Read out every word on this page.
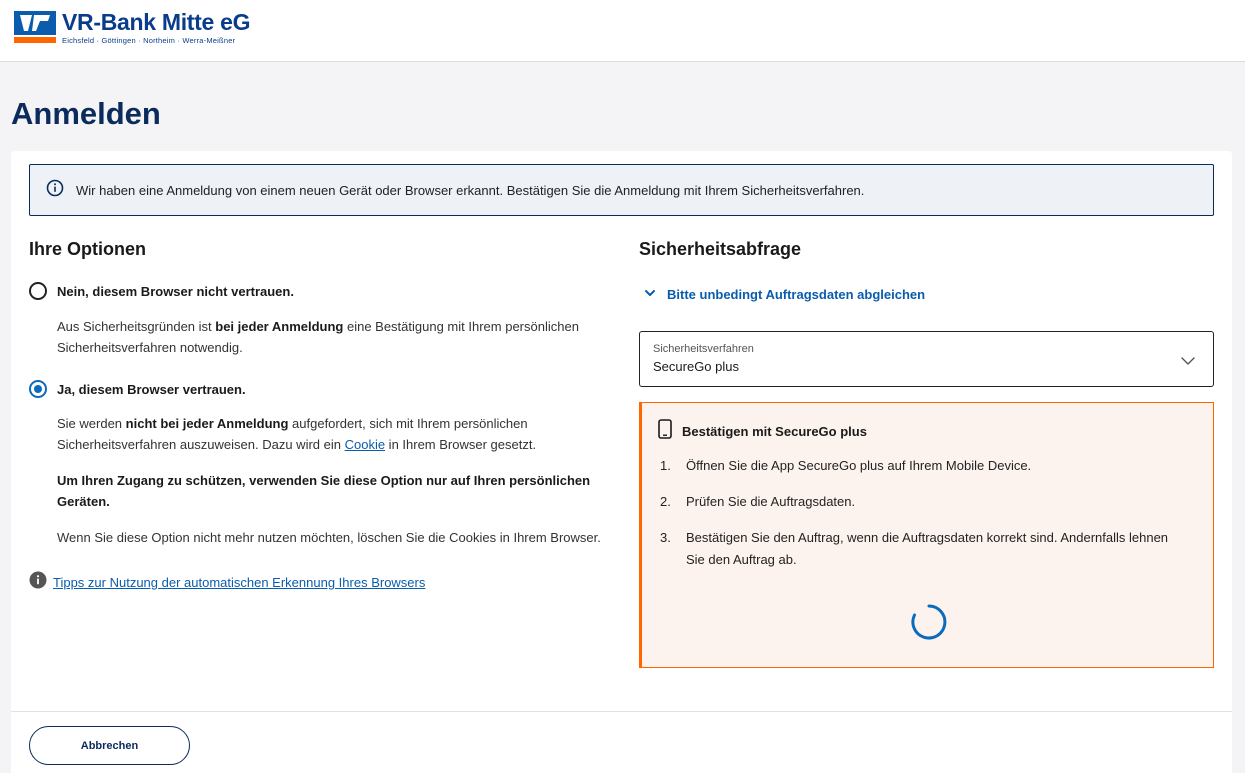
VR-Bank Mitte eG
Eichsfeld · Göttingen · Northeim · Werra-Meißner
Anmelden
Wir haben eine Anmeldung von einem neuen Gerät oder Browser erkannt. Bestätigen Sie die Anmeldung mit Ihrem Sicherheitsverfahren.
Ihre Optionen
Nein, diesem Browser nicht vertrauen.

Aus Sicherheitsgründen ist bei jeder Anmeldung eine Bestätigung mit Ihrem persönlichen Sicherheitsverfahren notwendig.

Ja, diesem Browser vertrauen.

Sie werden nicht bei jeder Anmeldung aufgefordert, sich mit Ihrem persönlichen Sicherheitsverfahren auszuweisen. Dazu wird ein Cookie in Ihrem Browser gesetzt.

Um Ihren Zugang zu schützen, verwenden Sie diese Option nur auf Ihren persönlichen Geräten.

Wenn Sie diese Option nicht mehr nutzen möchten, löschen Sie die Cookies in Ihrem Browser.

Tipps zur Nutzung der automatischen Erkennung Ihres Browsers
Sicherheitsabfrage
Bitte unbedingt Auftragsdaten abgleichen
Sicherheitsverfahren
SecureGo plus
Bestätigen mit SecureGo plus
1.	Öffnen Sie die App SecureGo plus auf Ihrem Mobile Device.
2.	Prüfen Sie die Auftragsdaten.
3.	Bestätigen Sie den Auftrag, wenn die Auftragsdaten korrekt sind. Andernfalls lehnen Sie den Auftrag ab.
Abbrechen
